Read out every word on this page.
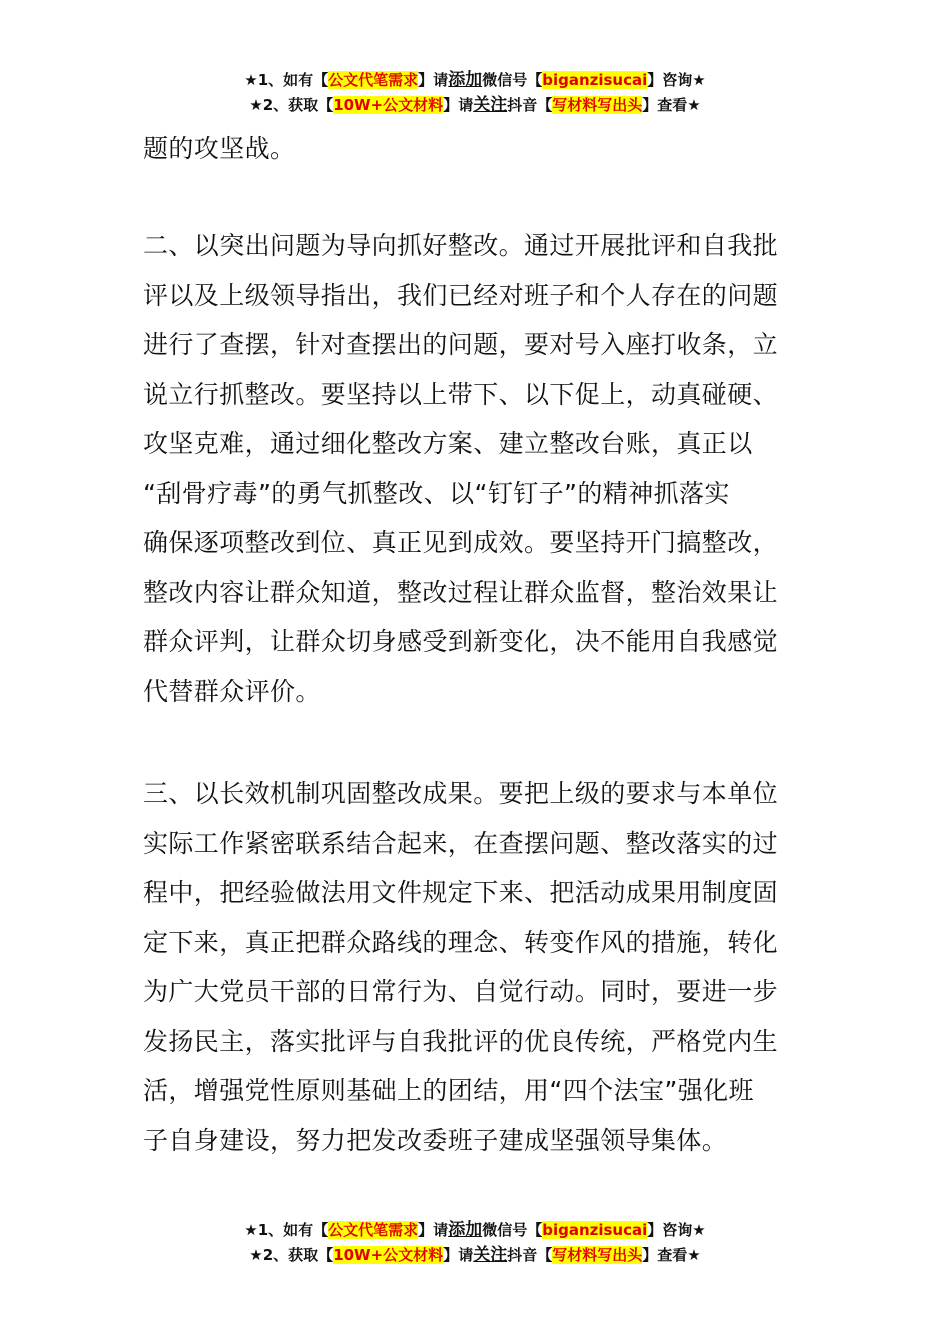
★1、如有【公文代笔需求】请添加微信号【biganzisucai】咨询★
★2、获取【10W+公文材料】请关注抖音【写材料写出头】查看★
题的攻坚战。
二、以突出问题为导向抓好整改。通过开展批评和自我批
评以及上级领导指出，我们已经对班子和个人存在的问题
进行了查摆，针对查摆出的问题，要对号入座打收条，立
说立行抓整改。要坚持以上带下、以下促上，动真碰硬、
攻坚克难，通过细化整改方案、建立整改台账，真正以
“刮骨疗毒”的勇气抓整改、以“钉钉子”的精神抓落实
确保逐项整改到位、真正见到成效。要坚持开门搞整改，
整改内容让群众知道，整改过程让群众监督，整治效果让
群众评判，让群众切身感受到新变化，决不能用自我感觉
代替群众评价。
三、以长效机制巩固整改成果。要把上级的要求与本单位
实际工作紧密联系结合起来，在查摆问题、整改落实的过
程中，把经验做法用文件规定下来、把活动成果用制度固
定下来，真正把群众路线的理念、转变作风的措施，转化
为广大党员干部的日常行为、自觉行动。同时，要进一步
发扬民主，落实批评与自我批评的优良传统，严格党内生
活，增强党性原则基础上的团结，用“四个法宝”强化班
子自身建设，努力把发改委班子建成坚强领导集体。
★1、如有【公文代笔需求】请添加微信号【biganzisucai】咨询★
★2、获取【10W+公文材料】请关注抖音【写材料写出头】查看★
